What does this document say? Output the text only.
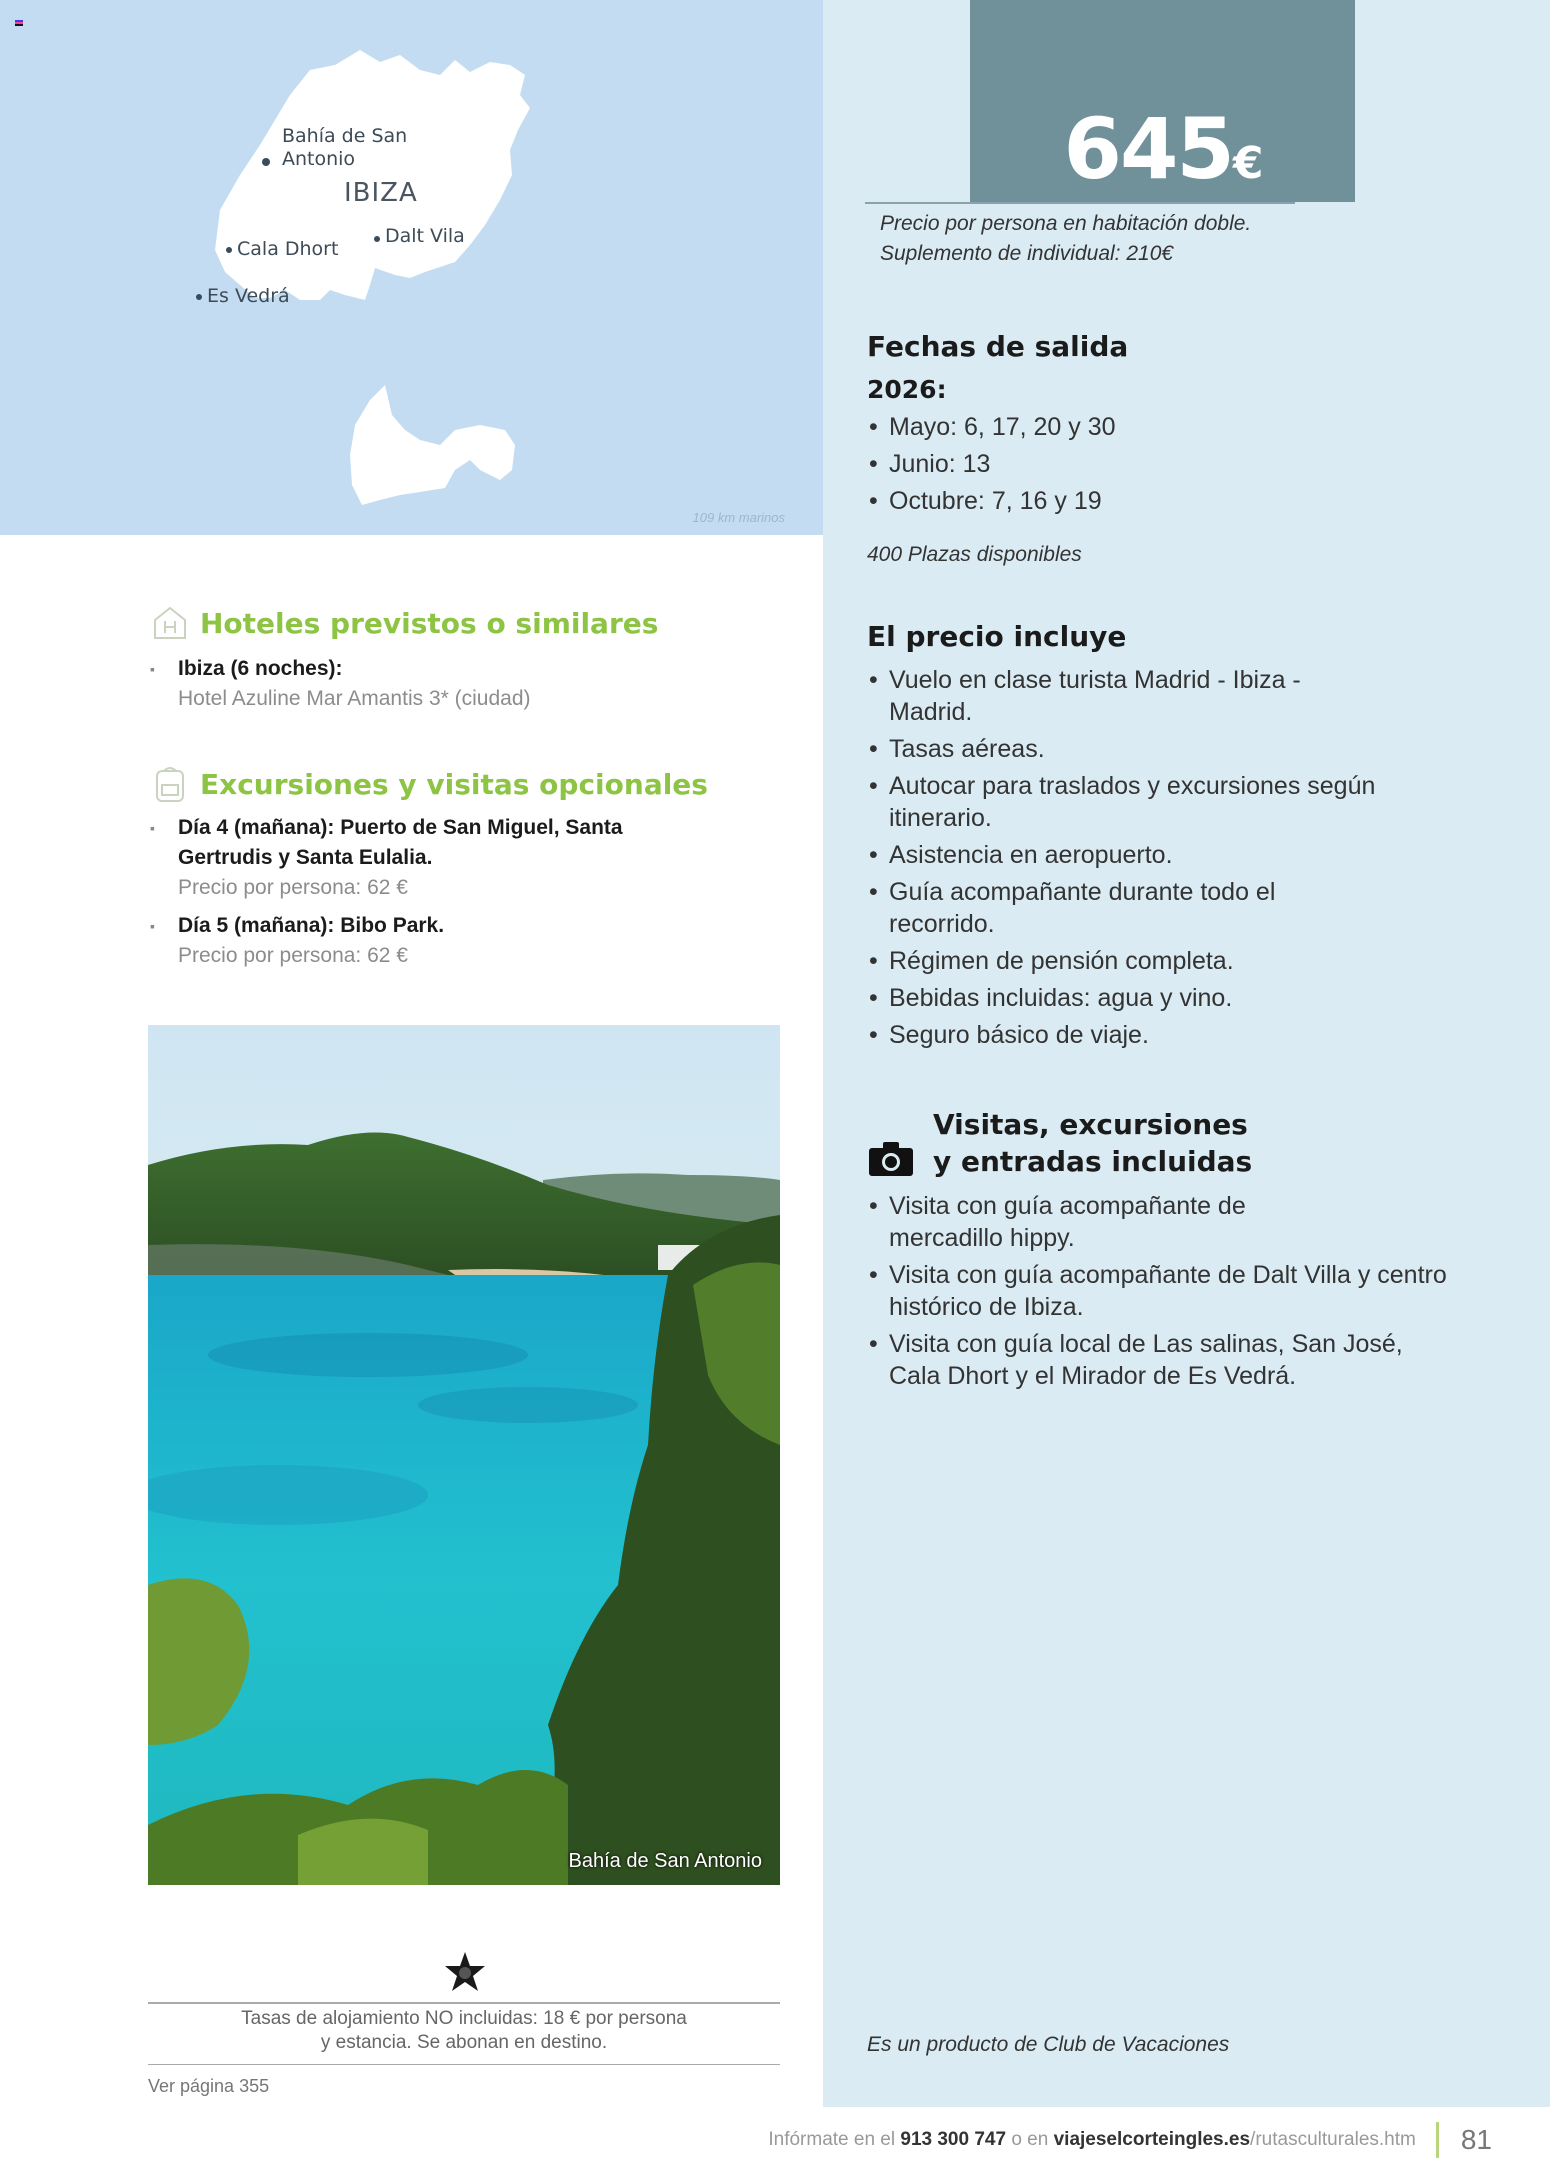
Bahía de San
Antonio
IBIZA
Dalt Vila
Cala Dhort
Es Vedrá
109 km marinos
645€
Precio por persona en habitación doble.
Suplemento de individual: 210€
Fechas de salida
2026:
• Mayo: 6, 17, 20 y 30
• Junio: 13
• Octubre: 7, 16 y 19
400 Plazas disponibles
El precio incluye
• Vuelo en clase turista Madrid - Ibiza - Madrid.
• Tasas aéreas.
• Autocar para traslados y excursiones según itinerario.
• Asistencia en aeropuerto.
• Guía acompañante durante todo el recorrido.
• Régimen de pensión completa.
• Bebidas incluidas: agua y vino.
• Seguro básico de viaje.
Visitas, excursiones
y entradas incluidas
• Visita con guía acompañante de mercadillo hippy.
• Visita con guía acompañante de Dalt Villa y centro histórico de Ibiza.
• Visita con guía local de Las salinas, San José, Cala Dhort y el Mirador de Es Vedrá.
Es un producto de Club de Vacaciones
Hoteles previstos o similares
▪ Ibiza (6 noches):
Hotel Azuline Mar Amantis 3* (ciudad)
Excursiones y visitas opcionales
▪ Día 4 (mañana): Puerto de San Miguel, Santa Gertrudis y Santa Eulalia.
Precio por persona: 62 €
▪ Día 5 (mañana): Bibo Park.
Precio por persona: 62 €
Bahía de San Antonio
Tasas de alojamiento NO incluidas: 18 € por persona
y estancia. Se abonan en destino.
Ver página 355
Infórmate en el 913 300 747 o en viajeselcorteingles.es/rutasculturales.htm 81
